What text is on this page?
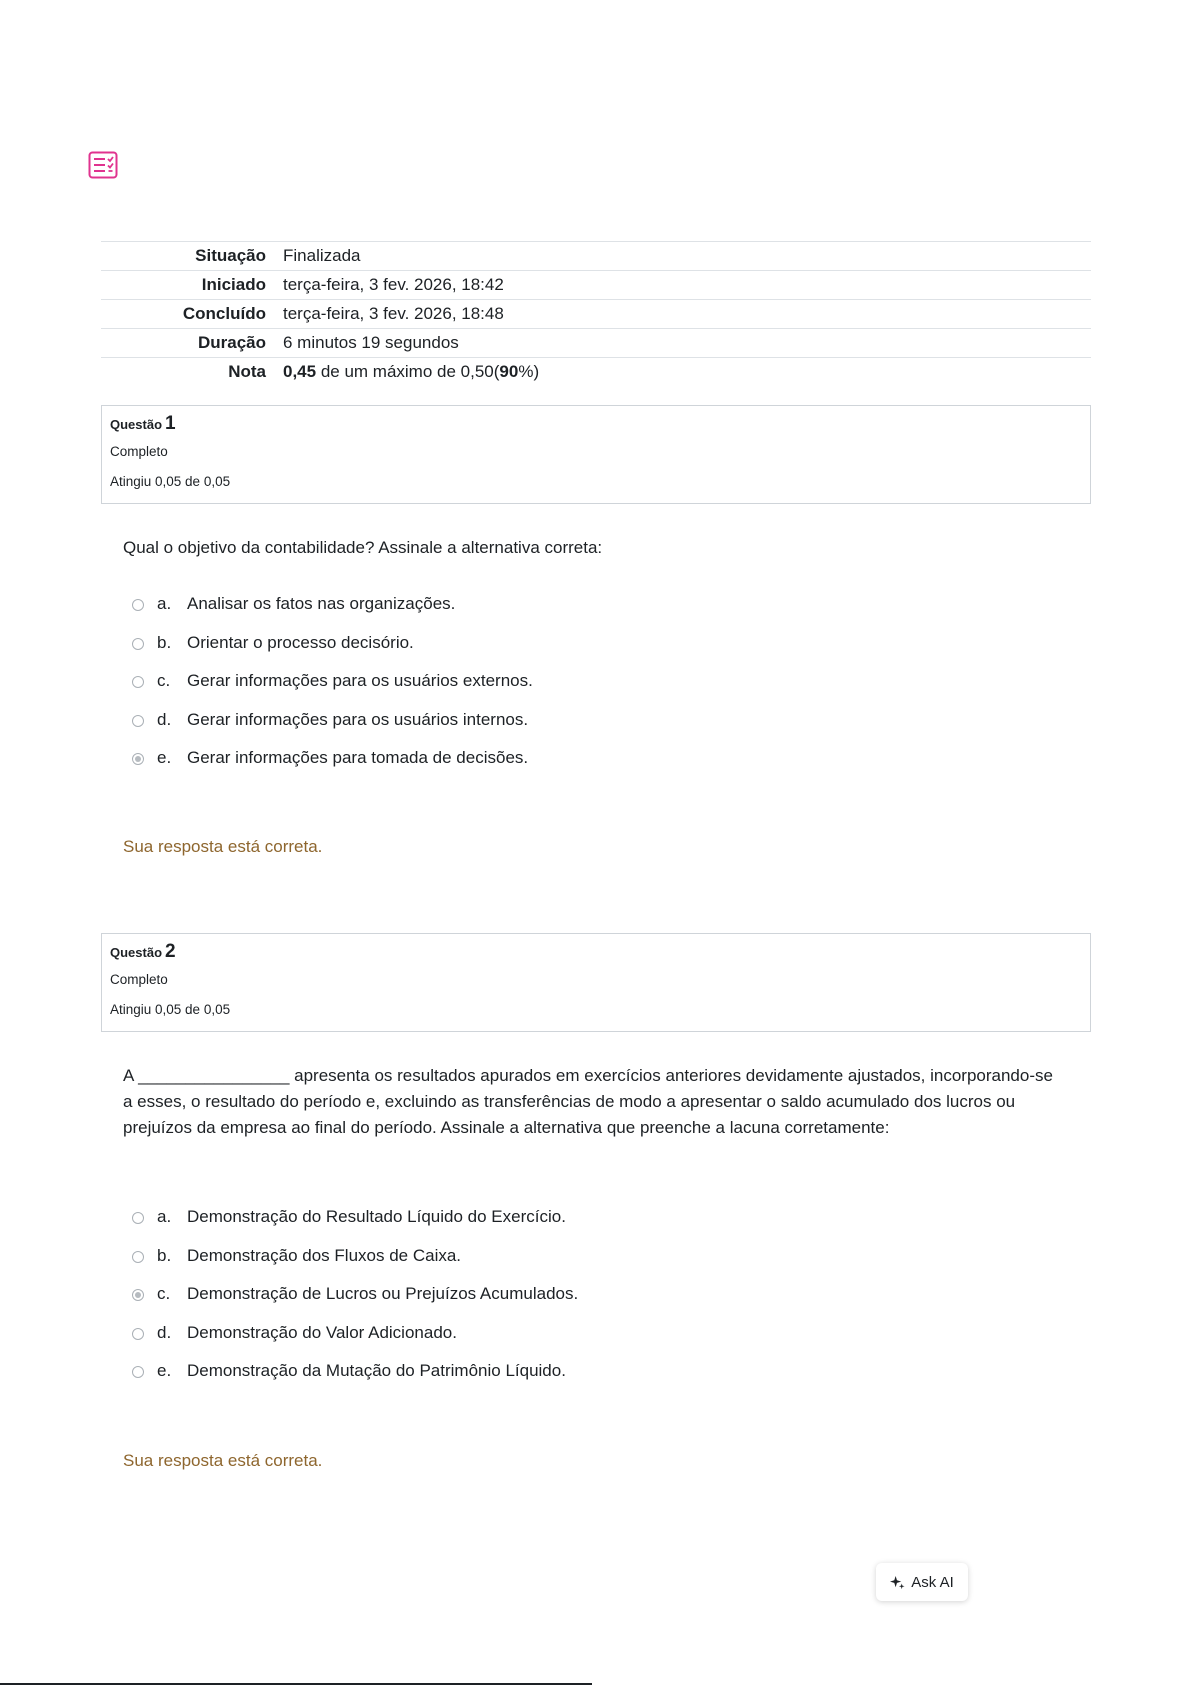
Situação	Finalizada
Iniciado	terça-feira, 3 fev. 2026, 18:42
Concluído	terça-feira, 3 fev. 2026, 18:48
Duração	6 minutos 19 segundos
Nota	0,45 de um máximo de 0,50(90%)
Questão 1
Completo
Atingiu 0,05 de 0,05
Qual o objetivo da contabilidade? Assinale a alternativa correta:
a. Analisar os fatos nas organizações.
b. Orientar o processo decisório.
c. Gerar informações para os usuários externos.
d. Gerar informações para os usuários internos.
e. Gerar informações para tomada de decisões.
Sua resposta está correta.
Questão 2
Completo
Atingiu 0,05 de 0,05
A ________________ apresenta os resultados apurados em exercícios anteriores devidamente ajustados, incorporando-se a esses, o resultado do período e, excluindo as transferências de modo a apresentar o saldo acumulado dos lucros ou prejuízos da empresa ao final do período. Assinale a alternativa que preenche a lacuna corretamente:
a. Demonstração do Resultado Líquido do Exercício.
b. Demonstração dos Fluxos de Caixa.
c. Demonstração de Lucros ou Prejuízos Acumulados.
d. Demonstração do Valor Adicionado.
e. Demonstração da Mutação do Patrimônio Líquido.
Sua resposta está correta.
Ask AI
